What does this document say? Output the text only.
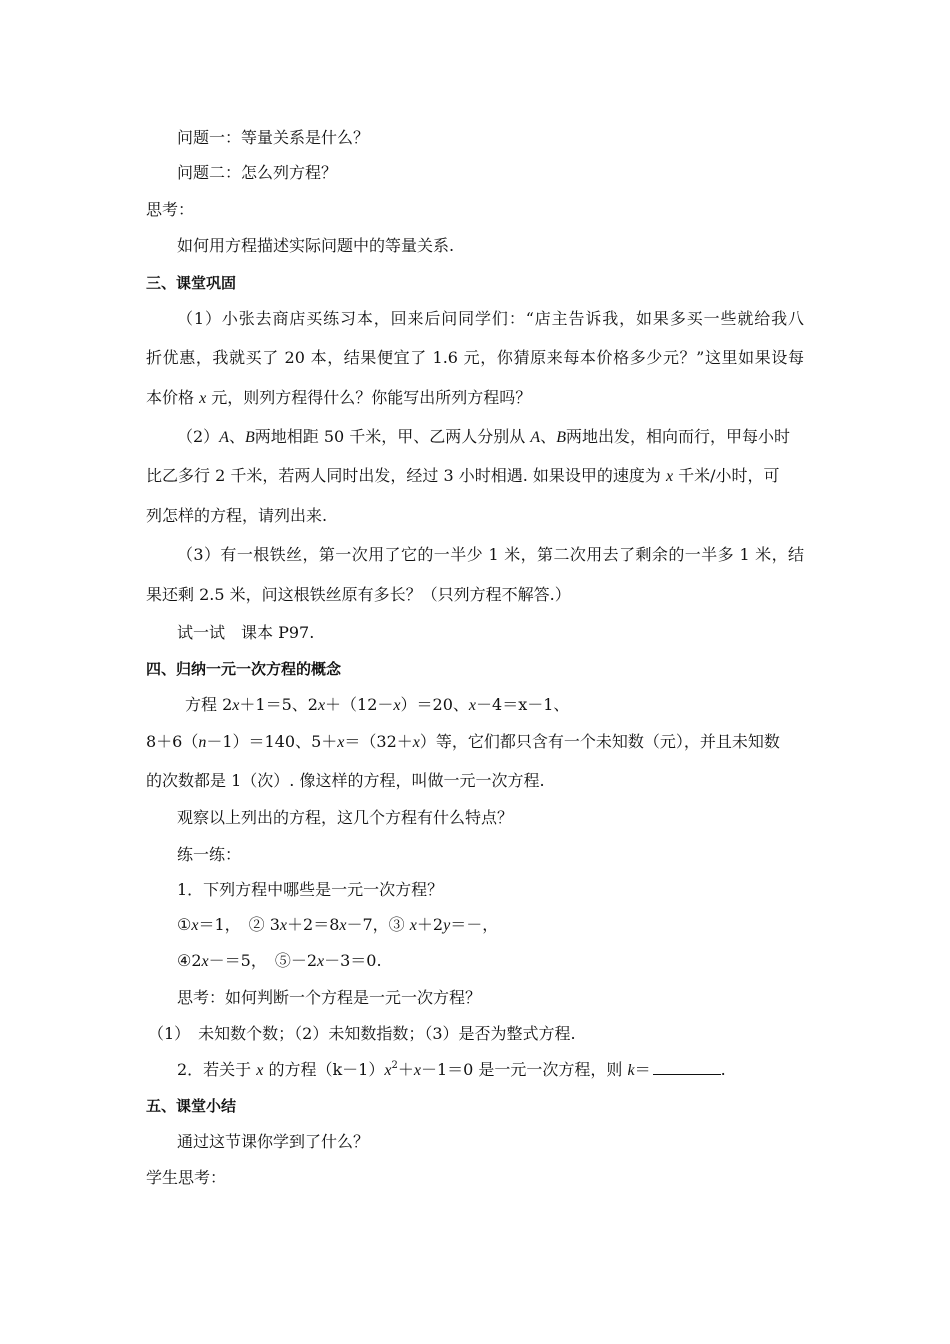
问题一：等量关系是什么？
问题二：怎么列方程？
思考：
如何用方程描述实际问题中的等量关系.
三、课堂巩固
（1）小张去商店买练习本，回来后问同学们：“店主告诉我，如果多买一些就给我八
折优惠，我就买了 20 本，结果便宜了 1.6 元，你猜原来每本价格多少元？”这里如果设每
本价格 x 元，则列方程得什么？你能写出所列方程吗？
（2）A、B两地相距 50 千米，甲、乙两人分别从 A、B两地出发，相向而行，甲每小时
比乙多行 2 千米，若两人同时出发，经过 3 小时相遇. 如果设甲的速度为 x 千米/小时，可
列怎样的方程，请列出来.
（3）有一根铁丝，第一次用了它的一半少 1 米，第二次用去了剩余的一半多 1 米，结
果还剩 2.5 米，问这根铁丝原有多长？（只列方程不解答.）
试一试　课本 P97.
四、归纳一元一次方程的概念
方程 2x＋1＝5、2x＋（12－x）＝20、x－4＝x－1、
8＋6（n－1）＝140、5＋x＝（32＋x）等，它们都只含有一个未知数（元），并且未知数
的次数都是 1（次）. 像这样的方程，叫做一元一次方程.
观察以上列出的方程，这几个方程有什么特点？
练一练：
1．下列方程中哪些是一元一次方程？
①x＝1，　② 3x＋2＝8x－7，③ x＋2y＝－，
④2x－＝5，　⑤－2x－3＝0.
思考：如何判断一个方程是一元一次方程？
（1）　未知数个数；（2）未知数指数；（3）是否为整式方程.
2．若关于 x 的方程$(k-1)x^2+x-1=0$ 是一元一次方程，则 k＝	.
五、课堂小结
通过这节课你学到了什么？
学生思考：
